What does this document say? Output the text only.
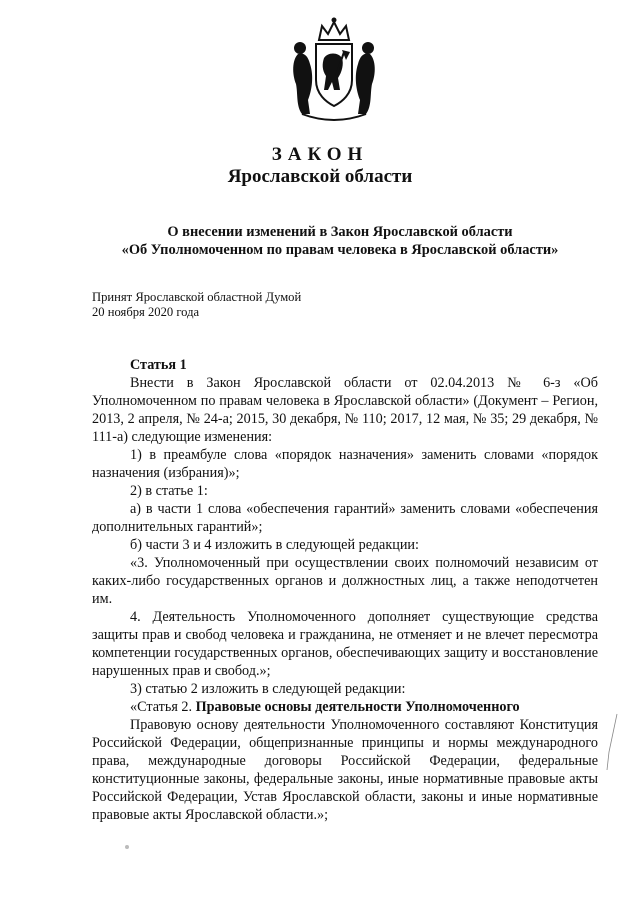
ЗАКОН
Ярославской области
О внесении изменений в Закон Ярославской области
«Об Уполномоченном по правам человека в Ярославской области»
Принят Ярославской областной Думой
20 ноября 2020 года

Статья 1

Внести в Закон Ярославской области от 02.04.2013 № 6-з «Об Уполномоченном по правам человека в Ярославской области» (Документ – Регион, 2013, 2 апреля, № 24-а; 2015, 30 декабря, № 110; 2017, 12 мая, № 35; 29 декабря, № 111-а) следующие изменения:

1) в преамбуле слова «порядок назначения» заменить словами «порядок назначения (избрания)»;

2) в статье 1:

а) в части 1 слова «обеспечения гарантий» заменить словами «обеспечения дополнительных гарантий»;

б) части 3 и 4 изложить в следующей редакции:

«3. Уполномоченный при осуществлении своих полномочий независим от каких-либо государственных органов и должностных лиц, а также неподотчетен им.

4. Деятельность Уполномоченного дополняет существующие средства защиты прав и свобод человека и гражданина, не отменяет и не влечет пересмотра компетенции государственных органов, обеспечивающих защиту и восстановление нарушенных прав и свобод.»;

3) статью 2 изложить в следующей редакции:

«Статья 2. Правовые основы деятельности Уполномоченного

Правовую основу деятельности Уполномоченного составляют Конституция Российской Федерации, общепризнанные принципы и нормы международного права, международные договоры Российской Федерации, федеральные конституционные законы, федеральные законы, иные нормативные правовые акты Российской Федерации, Устав Ярославской области, законы и иные нормативные правовые акты Ярославской области.»;
